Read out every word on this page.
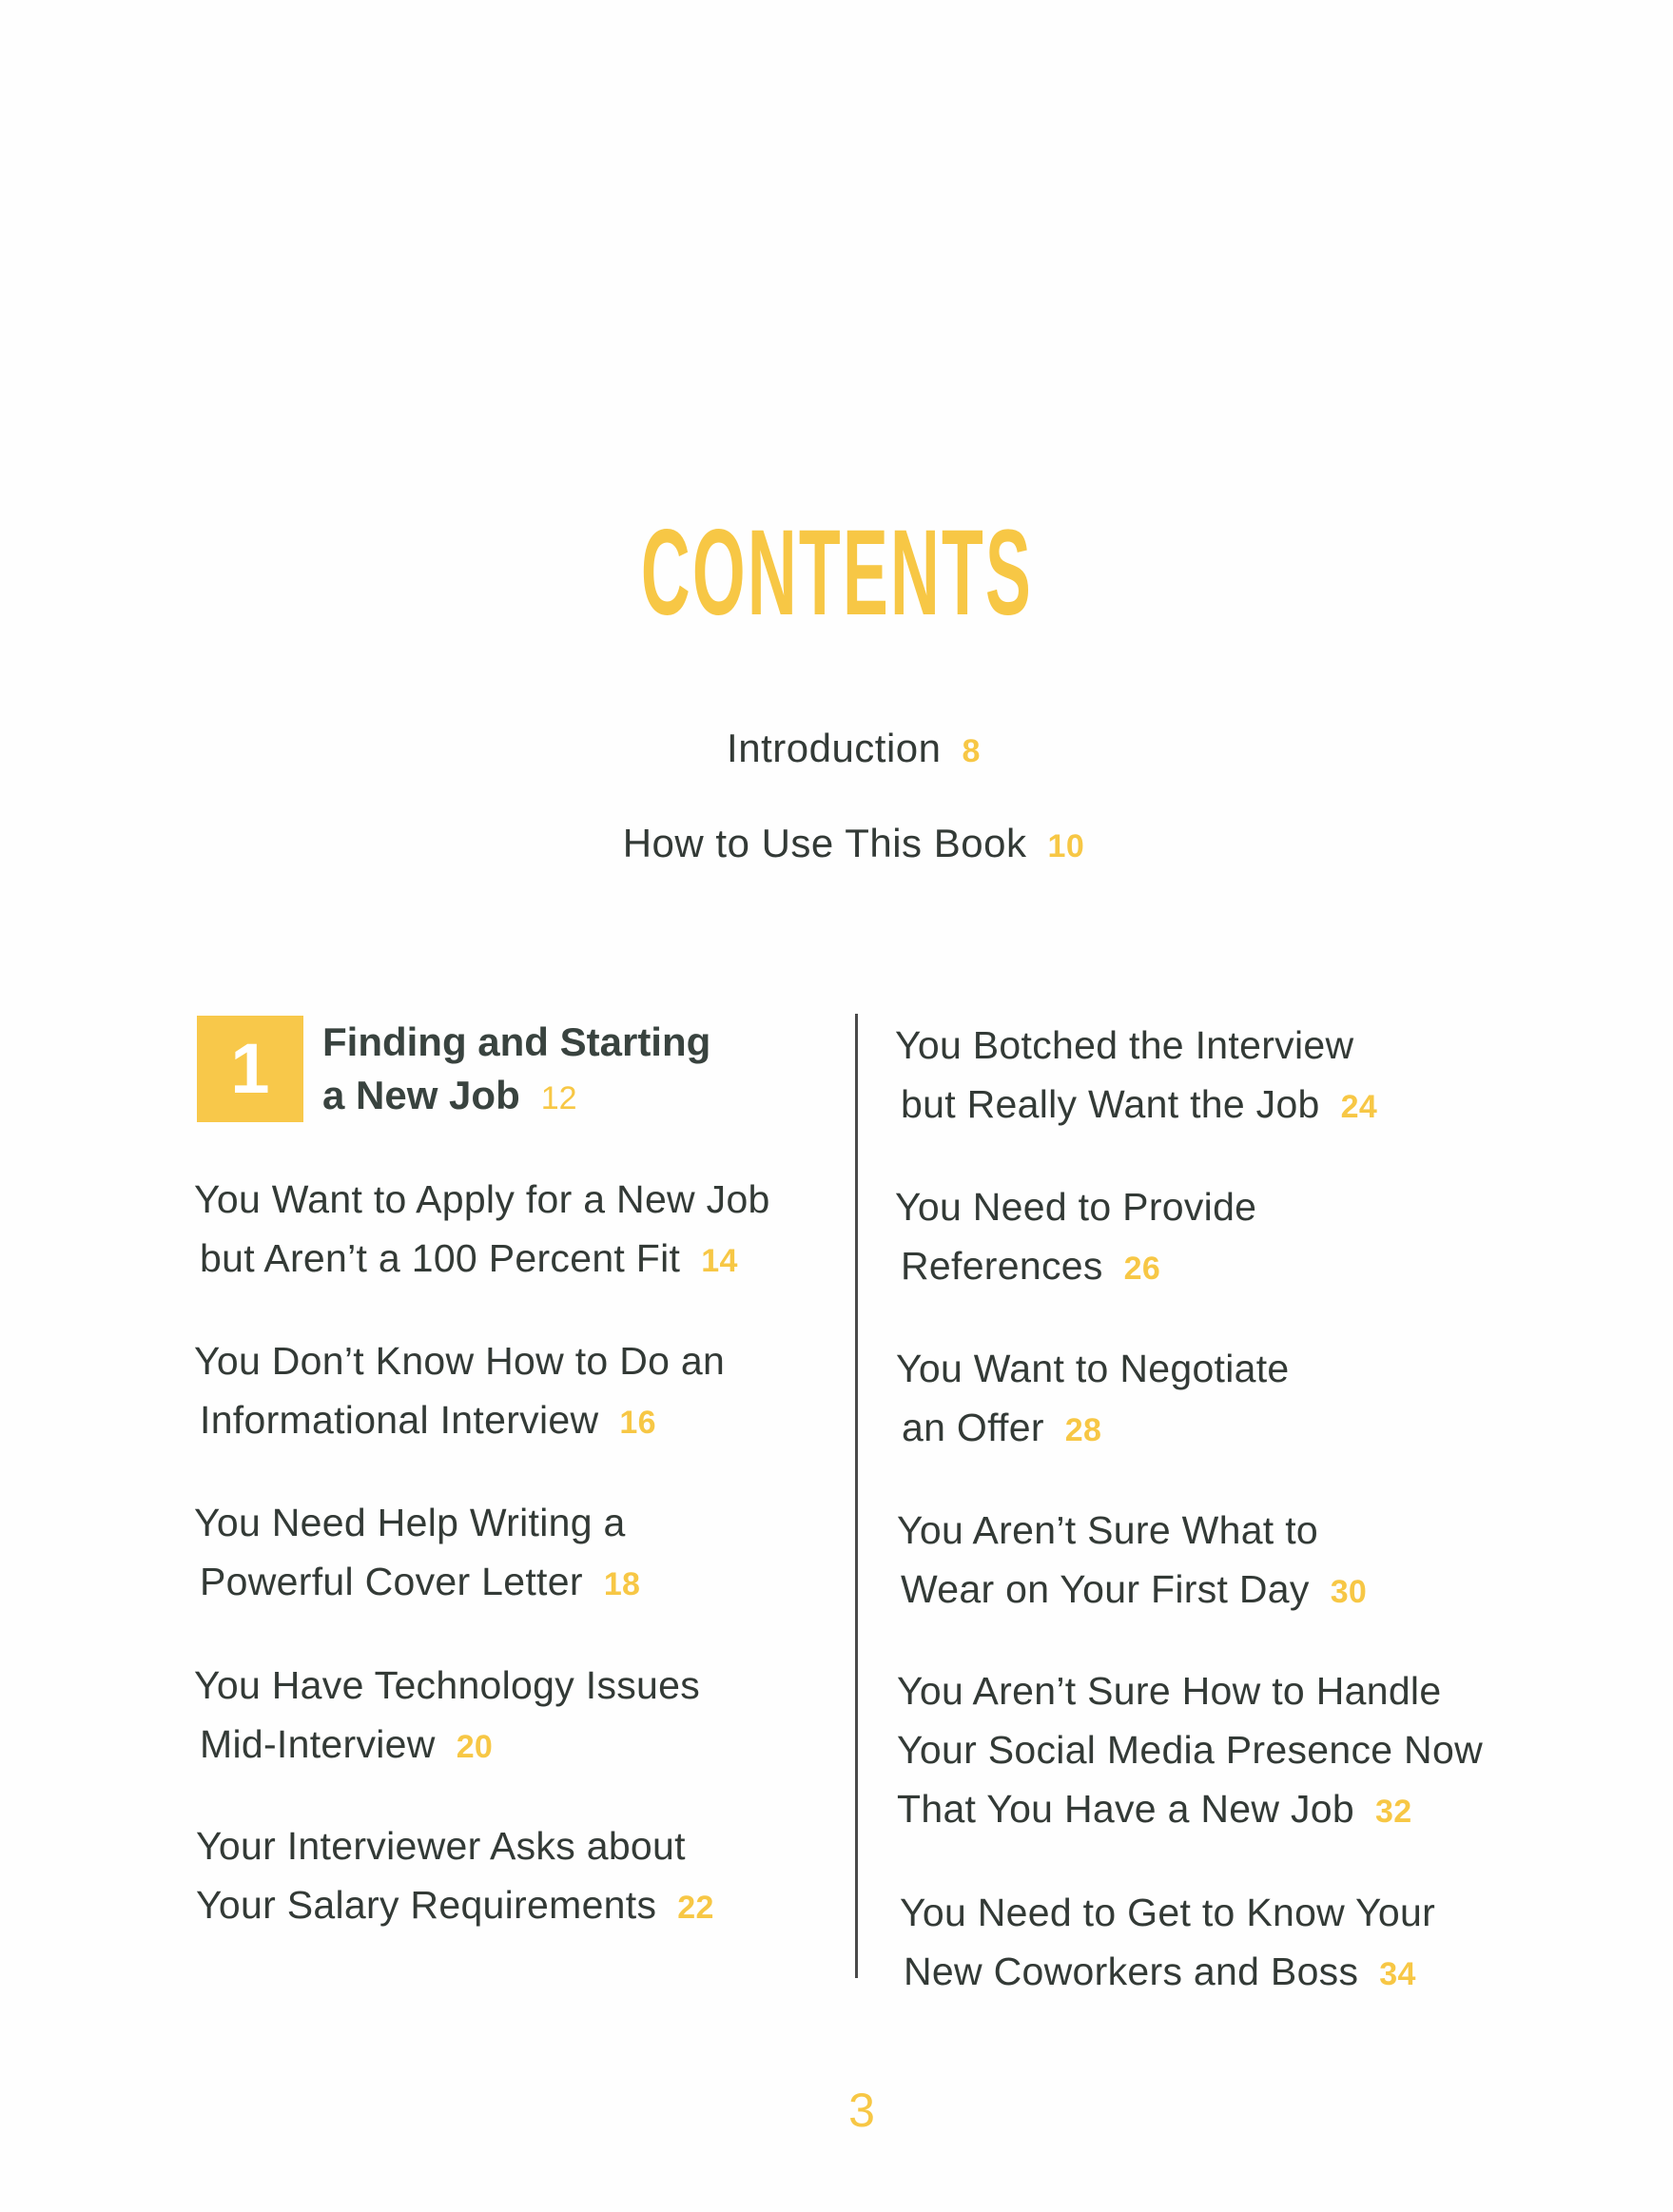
CONTENTS
Introduction 8
How to Use This Book 10
1	Finding and Starting
a New Job 12
You Want to Apply for a New Job
but Aren’t a 100 Percent Fit 14
You Don’t Know How to Do an
Informational Interview 16
You Need Help Writing a
Powerful Cover Letter 18
You Have Technology Issues
Mid-Interview 20
Your Interviewer Asks about
Your Salary Requirements 22
You Botched the Interview
but Really Want the Job 24
You Need to Provide
References 26
You Want to Negotiate
an Offer 28
You Aren’t Sure What to
Wear on Your First Day 30
You Aren’t Sure How to Handle
Your Social Media Presence Now
That You Have a New Job 32
You Need to Get to Know Your
New Coworkers and Boss 34
3
